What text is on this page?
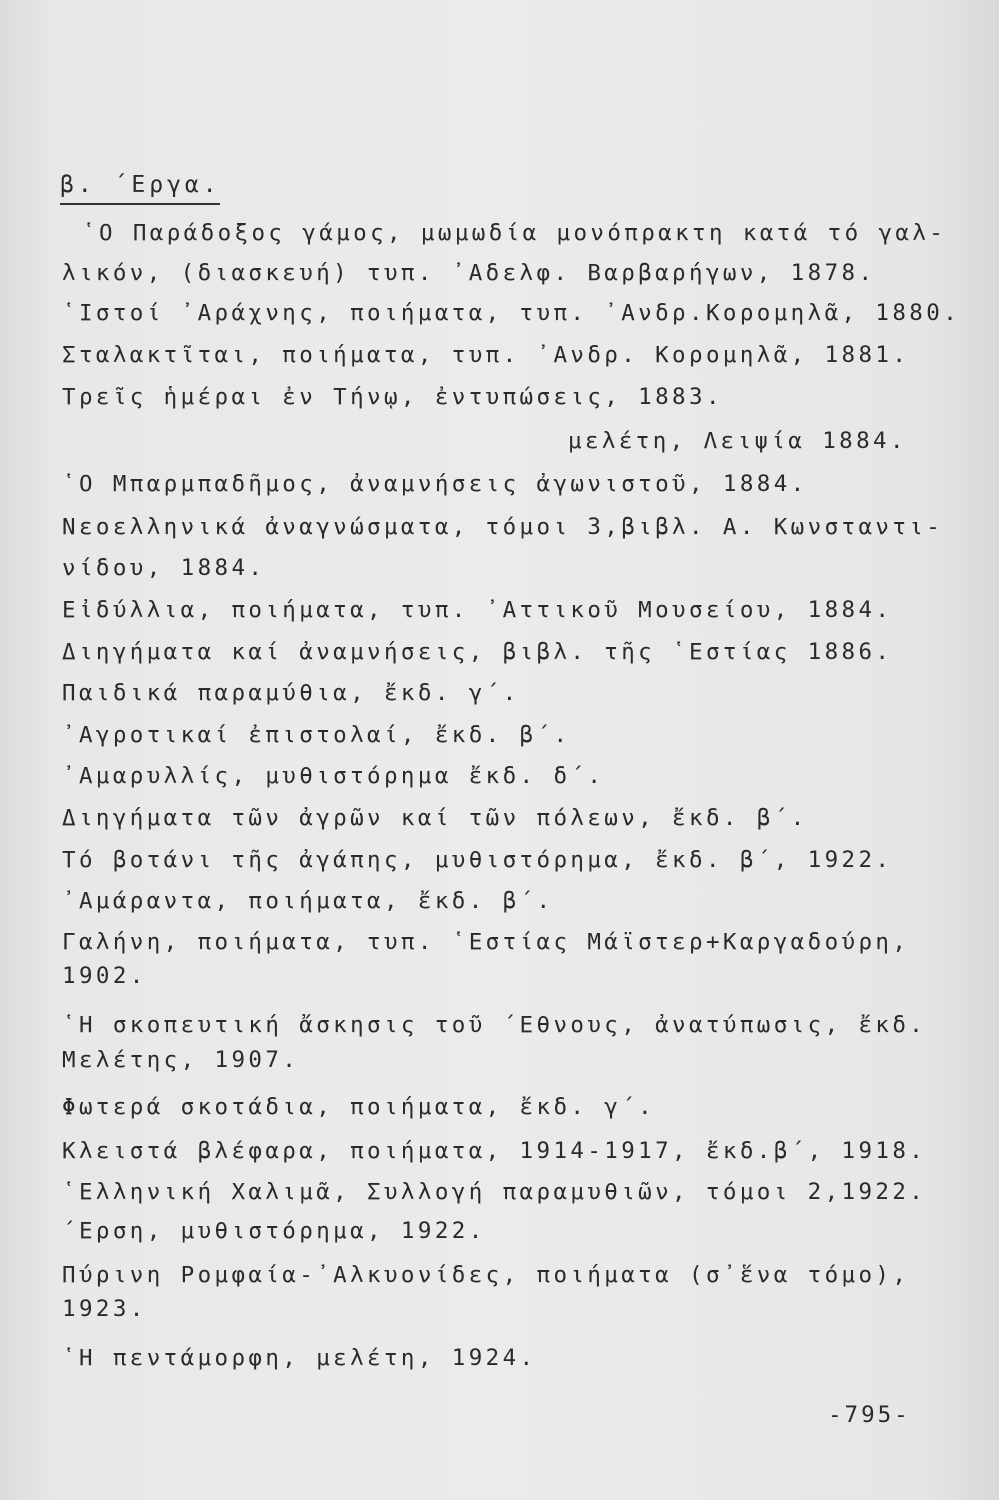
β. ΄Εργα.
῾Ο Παράδοξος γάμος, μωμωδία μονόπρακτη κατά τό γαλ-
λικόν, (διασκευή) τυπ. ᾿Αδελφ. Βαρβαρήγων, 1878.
῾Ιστοί ᾿Αράχνης, ποιήματα, τυπ. ᾿Ανδρ.Κορομηλᾶ, 1880.
Σταλακτῖται, ποιήματα, τυπ. ᾿Ανδρ. Κορομηλᾶ, 1881.
Τρεῖς ἡμέραι ἐν Τήνῳ, ἐντυπώσεις, 1883.
μελέτη, Λειψία 1884.
῾Ο Μπαρμπαδῆμος, ἀναμνήσεις ἀγωνιστοῦ, 1884.
Νεοελληνικά ἀναγνώσματα, τόμοι 3,βιβλ. Α. Κωνσταντι-
νίδου, 1884.
Εἰδύλλια, ποιήματα, τυπ. ᾿Αττικοῦ Μουσείου, 1884.
Διηγήματα καί ἀναμνήσεις, βιβλ. τῆς ῾Εστίας 1886.
Παιδικά παραμύθια, ἔκδ. γ΄.
᾿Αγροτικαί ἐπιστολαί, ἔκδ. β΄.
᾿Αμαρυλλίς, μυθιστόρημα ἔκδ. δ΄.
Διηγήματα τῶν ἀγρῶν καί τῶν πόλεων, ἔκδ. β΄.
Τό βοτάνι τῆς ἀγάπης, μυθιστόρημα, ἔκδ. β΄, 1922.
᾿Αμάραντα, ποιήματα, ἔκδ. β΄.
Γαλήνη, ποιήματα, τυπ. ῾Εστίας Μάϊστερ+Καργαδούρη,
1902.
῾Η σκοπευτική ἄσκησις τοῦ ΄Εθνους, ἀνατύπωσις, ἔκδ.
Μελέτης, 1907.
Φωτερά σκοτάδια, ποιήματα, ἔκδ. γ΄.
Κλειστά βλέφαρα, ποιήματα, 1914-1917, ἔκδ.β΄, 1918.
῾Ελληνική Χαλιμᾶ, Συλλογή παραμυθιῶν, τόμοι 2,1922.
΄Ερση, μυθιστόρημα, 1922.
Πύρινη Ρομφαία-᾿Αλκυονίδες, ποιήματα (σ᾿ἕνα τόμο),
1923.
῾Η πεντάμορφη, μελέτη, 1924.
-795-
